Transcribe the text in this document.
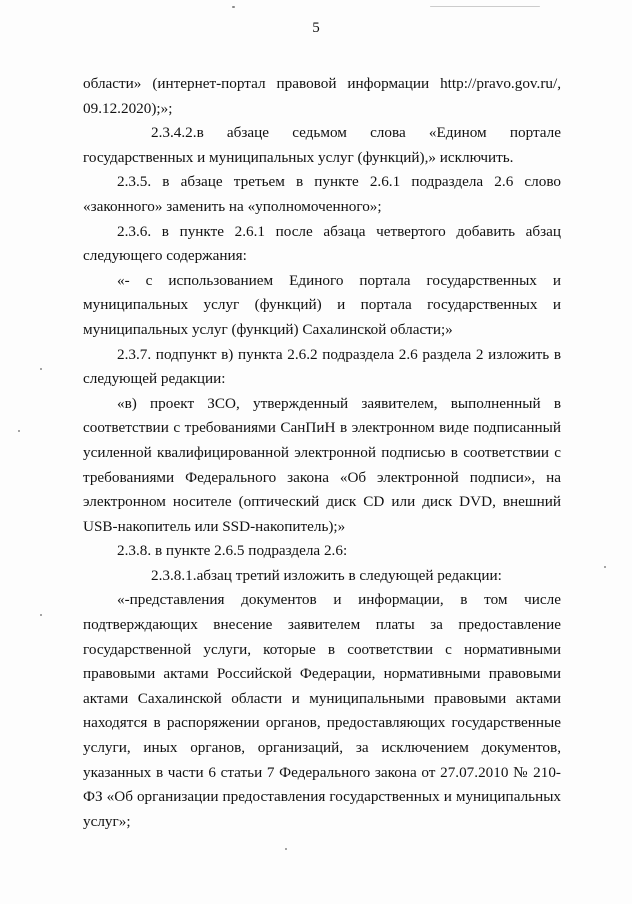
5

области» (интернет-портал правовой информации http://pravo.gov.ru/, 09.12.2020);»;

2.3.4.2.в абзаце седьмом слова «Едином портале государственных и муниципальных услуг (функций),» исключить.

2.3.5. в абзаце третьем в пункте 2.6.1 подраздела 2.6 слово «законного» заменить на «уполномоченного»;

2.3.6. в пункте 2.6.1 после абзаца четвертого добавить абзац следующего содержания:

«- с использованием Единого портала государственных и муниципальных услуг (функций) и портала государственных и муниципальных услуг (функций) Сахалинской области;»

2.3.7. подпункт в) пункта 2.6.2 подраздела 2.6 раздела 2 изложить в следующей редакции:

«в) проект ЗСО, утвержденный заявителем, выполненный в соответствии с требованиями СанПиН в электронном виде подписанный усиленной квалифицированной электронной подписью в соответствии с требованиями Федерального закона «Об электронной подписи», на электронном носителе (оптический диск CD или диск DVD, внешний USB-накопитель или SSD-накопитель);»

2.3.8. в пункте 2.6.5 подраздела 2.6:

2.3.8.1.абзац третий изложить в следующей редакции:

«-представления документов и информации, в том числе подтверждающих внесение заявителем платы за предоставление государственной услуги, которые в соответствии с нормативными правовыми актами Российской Федерации, нормативными правовыми актами Сахалинской области и муниципальными правовыми актами находятся в распоряжении органов, предоставляющих государственные услуги, иных органов, организаций, за исключением документов, указанных в части 6 статьи 7 Федерального закона от 27.07.2010 № 210-ФЗ «Об организации предоставления государственных и муниципальных услуг»;
